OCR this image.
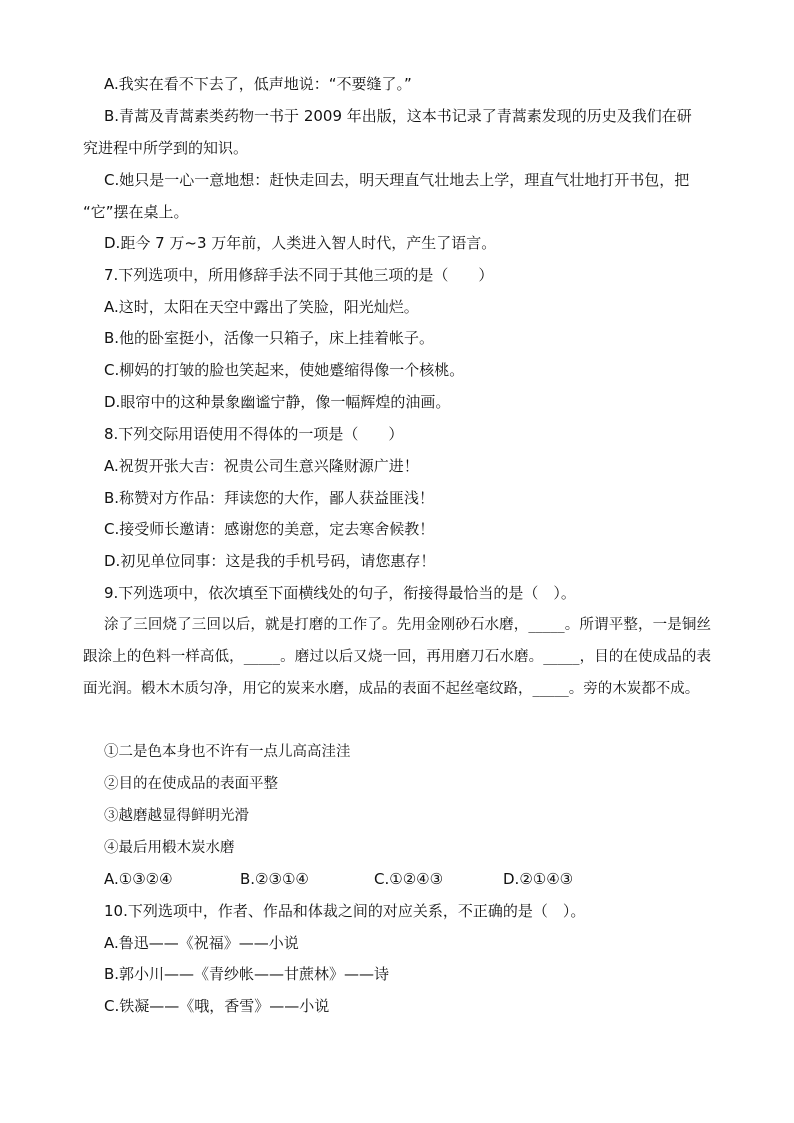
A.我实在看不下去了，低声地说：“不要缝了。”
B.青蒿及青蒿素类药物一书于 2009 年出版，这本书记录了青蒿素发现的历史及我们在研
究进程中所学到的知识。
C.她只是一心一意地想：赶快走回去，明天理直气壮地去上学，理直气壮地打开书包，把
“它”摆在桌上。
D.距今 7 万~3 万年前，人类进入智人时代，产生了语言。
7.下列选项中，所用修辞手法不同于其他三项的是（　　）
A.这时，太阳在天空中露出了笑脸，阳光灿烂。
B.他的卧室挺小，活像一只箱子，床上挂着帐子。
C.柳妈的打皱的脸也笑起来，使她蹙缩得像一个核桃。
D.眼帘中的这种景象幽谧宁静，像一幅辉煌的油画。
8.下列交际用语使用不得体的一项是（　　）
A.祝贺开张大吉：祝贵公司生意兴隆财源广进！
B.称赞对方作品：拜读您的大作，鄙人获益匪浅！
C.接受师长邀请：感谢您的美意，定去寒舍候教！
D.初见单位同事：这是我的手机号码，请您惠存！
9.下列选项中，依次填至下面横线处的句子，衔接得最恰当的是（　）。
涂了三回烧了三回以后，就是打磨的工作了。先用金刚砂石水磨，_____。所谓平整，一是铜丝跟涂上的色料一样高低，_____。磨过以后又烧一回，再用磨刀石水磨。_____，目的在使成品的表面光润。椴木木质匀净，用它的炭来水磨，成品的表面不起丝毫纹路，_____。旁的木炭都不成。
①二是色本身也不许有一点儿高高洼洼
②目的在使成品的表面平整
③越磨越显得鲜明光滑
④最后用椴木炭水磨
A.①③②④	B.②③①④	C.①②④③	D.②①④③
10.下列选项中，作者、作品和体裁之间的对应关系，不正确的是（　）。
A.鲁迅——《祝福》——小说
B.郭小川——《青纱帐——甘蔗林》——诗
C.铁凝——《哦，香雪》——小说
